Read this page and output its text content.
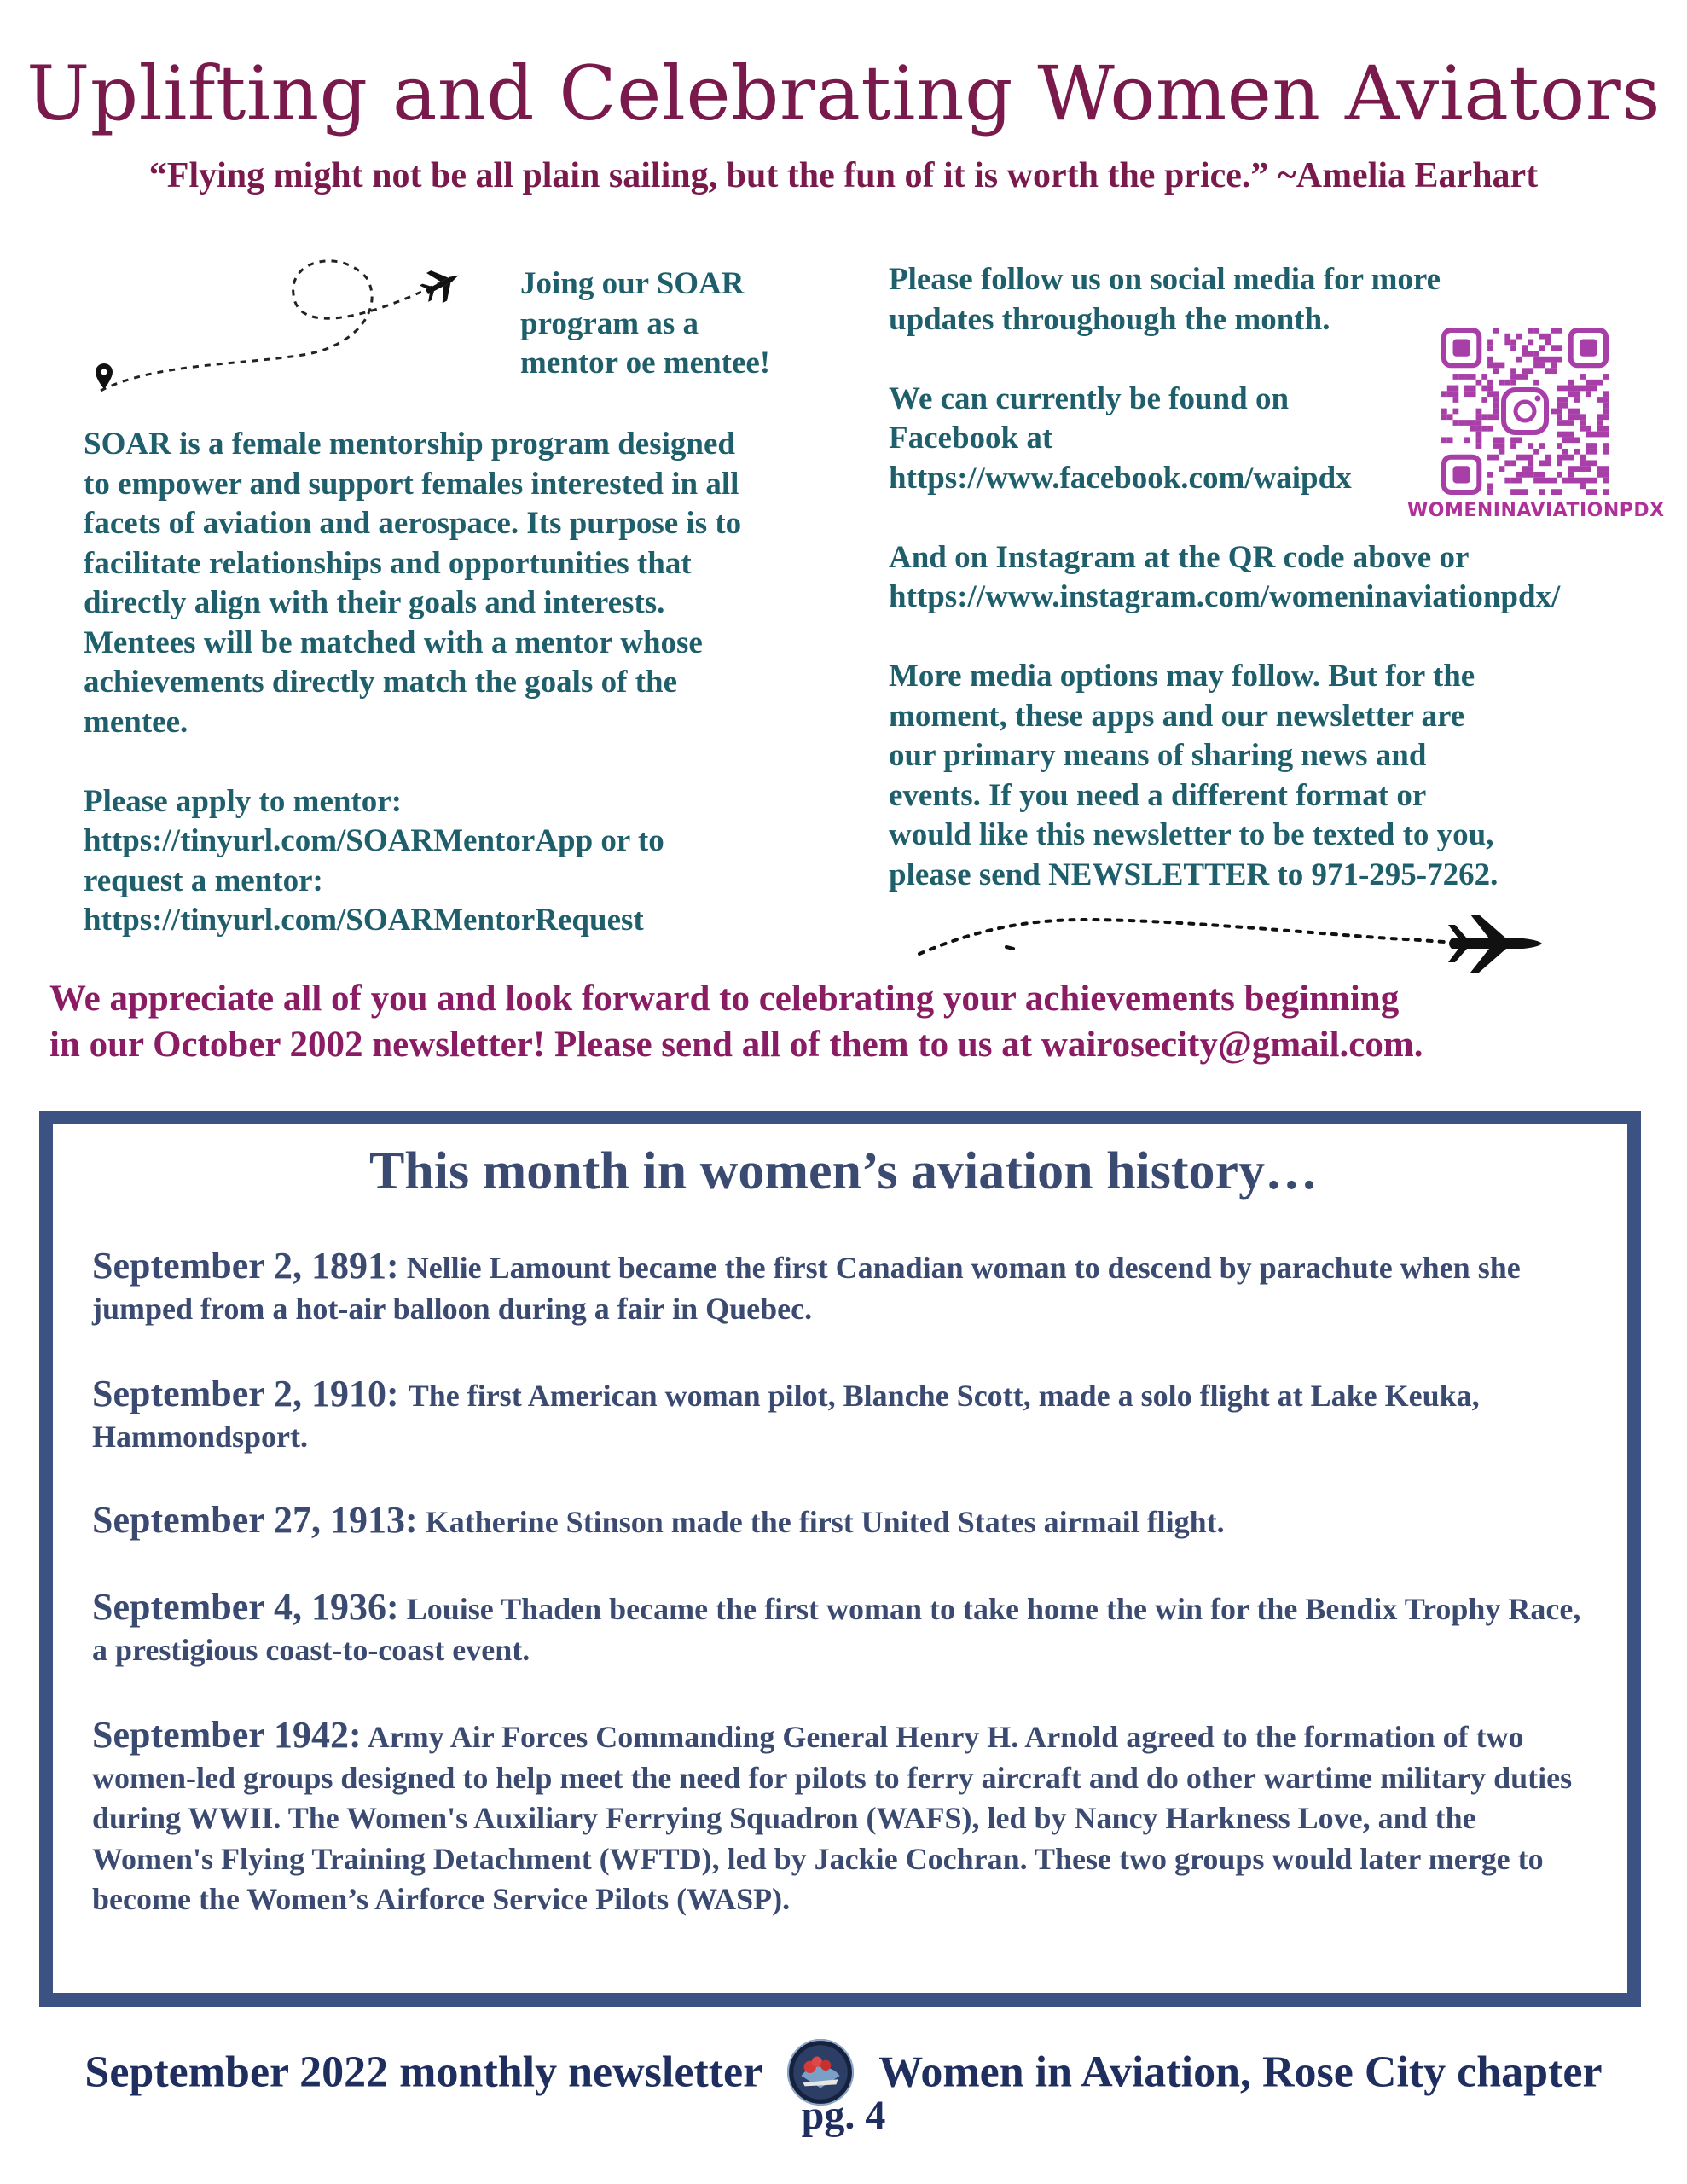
Uplifting and Celebrating Women Aviators
“Flying might not be all plain sailing, but the fun of it is worth the price.” ~Amelia Earhart

Joing our SOAR

program as a

mentor oe mentee!

SOAR is a female mentorship program designed

to empower and support females interested in all

facets of aviation and aerospace. Its purpose is to

facilitate relationships and opportunities that

directly align with their goals and interests.

Mentees will be matched with a mentor whose

achievements directly match the goals of the

mentee.

Please apply to mentor:

https://tinyurl.com/SOARMentorApp or to

request a mentor:

https://tinyurl.com/SOARMentorRequest

Please follow us on social media for more

updates throughough the month.

We can currently be found on

Facebook at

https://www.facebook.com/waipdx

And on Instagram at the QR code above or

https://www.instagram.com/womeninaviationpdx/

More media options may follow. But for the

moment, these apps and our newsletter are

our primary means of sharing news and

events. If you need a different format or

would like this newsletter to be texted to you,

please send NEWSLETTER to 971-295-7262.

WOMENINAVIATIONPDX

We appreciate all of you and look forward to celebrating your achievements beginning

in our October 2002 newsletter! Please send all of them to us at wairosecity@gmail.com.

This month in women’s aviation history…
September 2, 1891: Nellie Lamount became the first Canadian woman to descend by parachute when she jumped from a hot-air balloon during a fair in Quebec.
September 2, 1910: The first American woman pilot, Blanche Scott, made a solo flight at Lake Keuka, Hammondsport.
September 27, 1913: Katherine Stinson made the first United States airmail flight.
September 4, 1936: Louise Thaden became the first woman to take home the win for the Bendix Trophy Race, a prestigious coast-to-coast event.
September 1942: Army Air Forces Commanding General Henry H. Arnold agreed to the formation of two women-led groups designed to help meet the need for pilots to ferry aircraft and do other wartime military duties during WWII. The Women's Auxiliary Ferrying Squadron (WAFS), led by Nancy Harkness Love, and the Women's Flying Training Detachment (WFTD), led by Jackie Cochran. These two groups would later merge to become the Women’s Airforce Service Pilots (WASP).
September 2022 monthly newsletter	Women in Aviation, Rose City chapter
pg. 4
